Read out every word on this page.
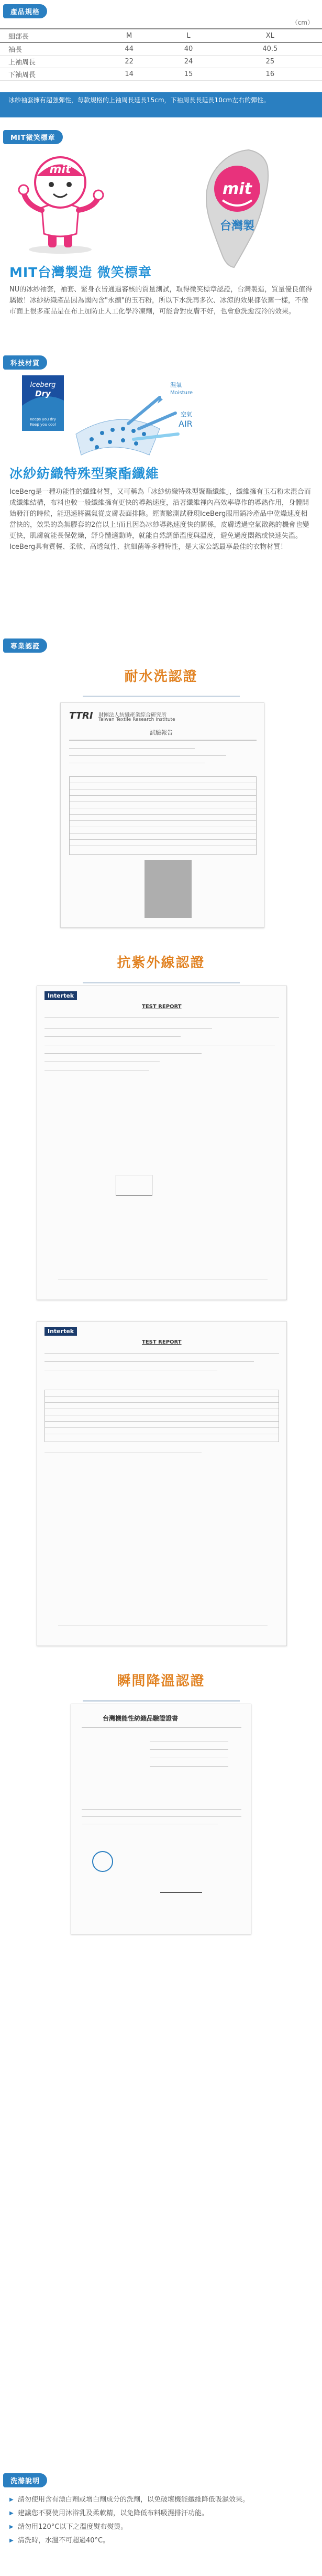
產品規格
（cm）
細部長	M	L	XL
袖長	44	40	40.5
上袖周長	22	24	25
下袖周長	14	15	16
冰紗袖套擁有超強彈性，每款規格的上袖周長延長15cm，下袖周長長延長10cm左右的彈性。
MIT微笑標章
mit
mit
台灣製
MIT台灣製造 微笑標章
NU的冰紗袖套，袖套、緊身衣皆通過審核的質量測試，取得微笑標章認證，台灣製造，質量優良值得驕傲！冰紗紡織產品因為國內含"永續"的玉石粉，所以下水洗再多次、冰涼的效果都依舊一樣，不像市面上很多產品是在布上加防止人工化學冷凍劑，可能會對皮膚不好，也會愈洗愈沒冷的效果。
科技材質
Iceberg
Dry
Keeps you dry
Keep you cool
濕氣
Moisture
空氣
AIR
冰紗紡織特殊型聚酯纖維
IceBerg是一種功能性的纖維材質，又可稱為「冰紗紡織特殊型聚酯纖維」，纖維擁有玉石粉末混合而成纖維結構，布料也較一般纖維擁有更快的導熱速度，沿著纖維裡內高效率導作的導熱作用，身體開始發汗的時候，能迅速將濕氣從皮膚表面排除。經實驗測試發現IceBerg服用銷冷產品中乾燥速度相當快的，效果的為無膠套的2倍以上!而且因為冰紗導熱速度快的關係，皮膚透過空氣散熱的機會也變更快，肌膚就能長保乾燥，舒身體適動時，就能自然調節溫度與溫度，避免過度悶熱或快速失溫。 IceBerg具有質輕、柔軟、高透氣性、抗細菌等多種特性，是大家公認最享最佳的衣物材質！
專業認證
耐水洗認證
TTRI 財團法人紡織產業綜合研究所
Taiwan Textile Research Institute
試驗報告
抗紫外線認證
Intertek
TEST REPORT
Intertek
TEST REPORT
瞬間降溫認證
台灣機能性紡織品驗證證書
洗滌說明
▶ 請勿使用含有漂白劑或增白劑成分的洗劑，以免破壞機能纖維降低吸濕效果。
▶ 建議您不要使用沐浴乳及柔軟精，以免降低布料吸濕排汗功能。
▶ 請勿用120°C以下之溫度熨布熨燙。
▶ 清洗時，水溫不可超過40°C。
